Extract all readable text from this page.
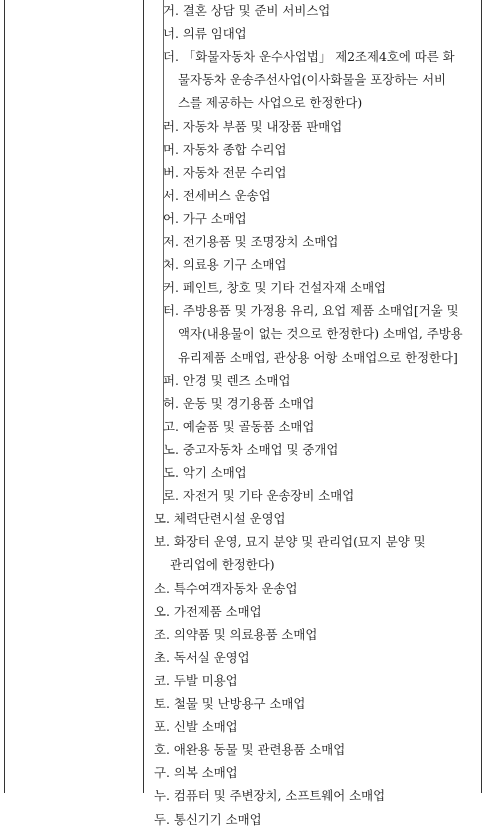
거. 결혼 상담 및 준비 서비스업
너. 의류 임대업
더. 「화물자동차 운수사업법」 제2조제4호에 따른 화
물자동차 운송주선사업(이사화물을 포장하는 서비
스를 제공하는 사업으로 한정한다)
러. 자동차 부품 및 내장품 판매업
머. 자동차 종합 수리업
버. 자동차 전문 수리업
서. 전세버스 운송업
어. 가구 소매업
저. 전기용품 및 조명장치 소매업
처. 의료용 기구 소매업
커. 페인트, 창호 및 기타 건설자재 소매업
터. 주방용품 및 가정용 유리, 요업 제품 소매업[거울 및
액자(내용물이 없는 것으로 한정한다) 소매업, 주방용
유리제품 소매업, 관상용 어항 소매업으로 한정한다]
퍼. 안경 및 렌즈 소매업
허. 운동 및 경기용품 소매업
고. 예술품 및 골동품 소매업
노. 중고자동차 소매업 및 중개업
도. 악기 소매업
로. 자전거 및 기타 운송장비 소매업
모. 체력단련시설 운영업
보. 화장터 운영, 묘지 분양 및 관리업(묘지 분양 및
관리업에 한정한다)
소. 특수여객자동차 운송업
오. 가전제품 소매업
조. 의약품 및 의료용품 소매업
초. 독서실 운영업
코. 두발 미용업
토. 철물 및 난방용구 소매업
포. 신발 소매업
호. 애완용 동물 및 관련용품 소매업
구. 의복 소매업
누. 컴퓨터 및 주변장치, 소프트웨어 소매업
두. 통신기기 소매업
